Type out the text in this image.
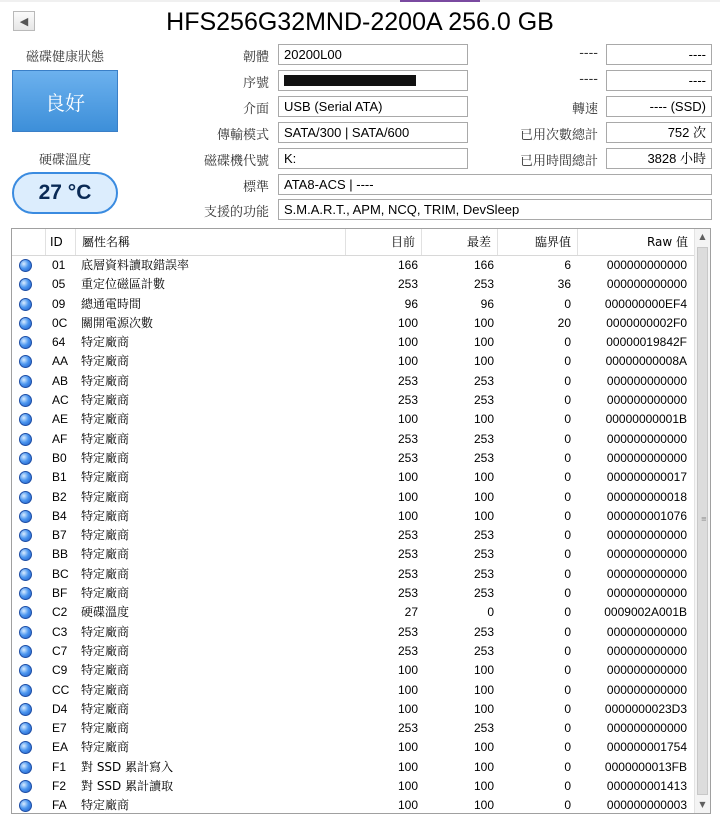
◀	HFS256G32MND-2200A 256.0 GB
磁碟健康狀態
良好
硬碟溫度
27 °C
韌體	20200L00
序號
介面	USB (Serial ATA)
傳輸模式	SATA/300 | SATA/600
磁碟機代號	K:
標準	ATA8-ACS | ----
支援的功能	S.M.A.R.T., APM, NCQ, TRIM, DevSleep
----	----
----	----
轉速	---- (SSD)
已用次數總計	752 次
已用時間總計	3828 小時
ID	屬性名稱	目前	最差	臨界值	Raw 值
01	底層資料讀取錯誤率	166	166	6	000000000000
05	重定位磁區計數	253	253	36	000000000000
09	總通電時間	96	96	0	000000000EF4
0C	關開電源次數	100	100	20	0000000002F0
64	特定廠商	100	100	0	00000019842F
AA	特定廠商	100	100	0	00000000008A
AB	特定廠商	253	253	0	000000000000
AC	特定廠商	253	253	0	000000000000
AE	特定廠商	100	100	0	00000000001B
AF	特定廠商	253	253	0	000000000000
B0	特定廠商	253	253	0	000000000000
B1	特定廠商	100	100	0	000000000017
B2	特定廠商	100	100	0	000000000018
B4	特定廠商	100	100	0	000000001076
B7	特定廠商	253	253	0	000000000000
BB	特定廠商	253	253	0	000000000000
BC	特定廠商	253	253	0	000000000000
BF	特定廠商	253	253	0	000000000000
C2	硬碟溫度	27	0	0	0009002A001B
C3	特定廠商	253	253	0	000000000000
C7	特定廠商	253	253	0	000000000000
C9	特定廠商	100	100	0	000000000000
CC 特定廠商	100	100	0	000000000000
D4	特定廠商	100	100	0	0000000023D3
E7	特定廠商	253	253	0	000000000000
EA	特定廠商	100	100	0	000000001754
F1	對 SSD 累計寫入	100	100	0	0000000013FB
F2	對 SSD 累計讀取	100	100	0	000000001413
FA	特定廠商	100	100	0	000000000003
▲
≡
▼
